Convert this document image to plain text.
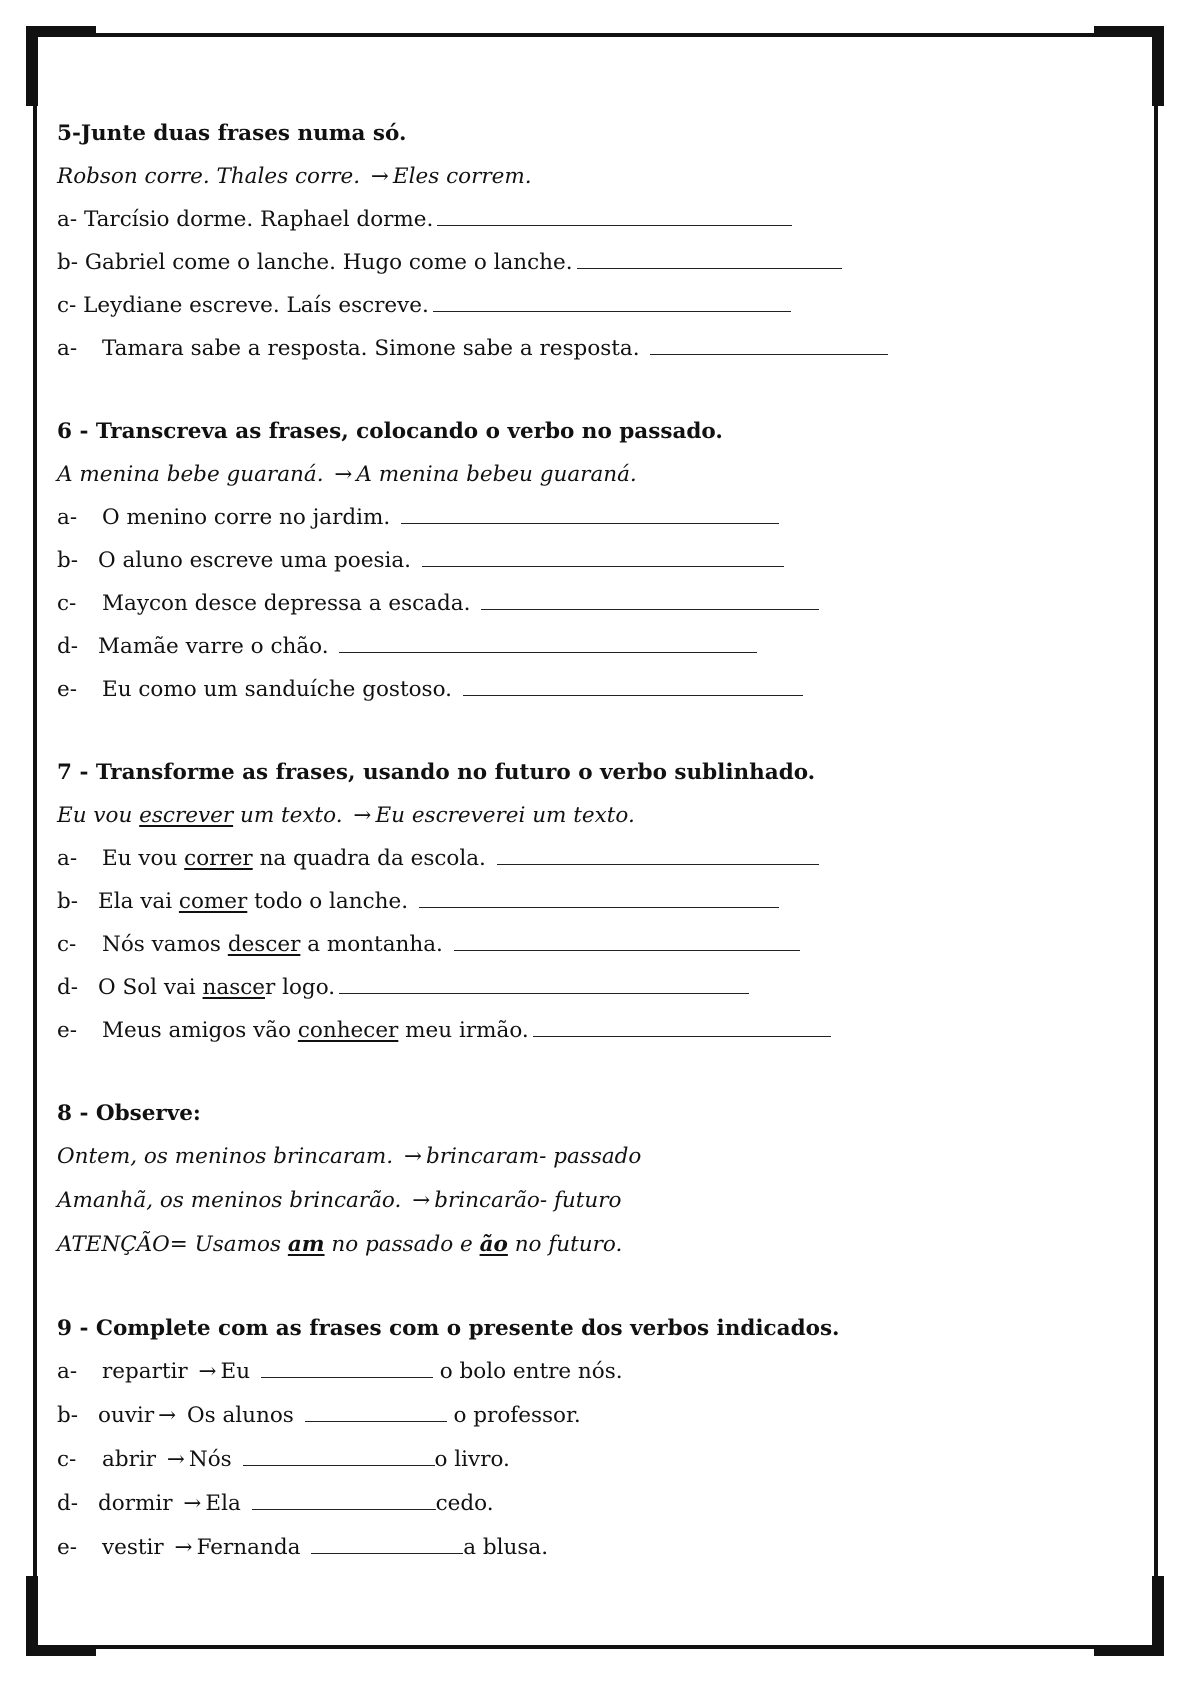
5-Junte duas frases numa só.
Robson corre. Thales corre. → Eles correm.
a- Tarcísio dorme. Raphael dorme.
b- Gabriel come o lanche. Hugo come o lanche.
c- Leydiane escreve. Laís escreve.
a- Tamara sabe a resposta. Simone sabe a resposta.
6 - Transcreva as frases, colocando o verbo no passado.
A menina bebe guaraná. → A menina bebeu guaraná.
a- O menino corre no jardim.
b- O aluno escreve uma poesia.
c- Maycon desce depressa a escada.
d- Mamãe varre o chão.
e- Eu como um sanduíche gostoso.
7 - Transforme as frases, usando no futuro o verbo sublinhado.
Eu vou escrever um texto. → Eu escreverei um texto.
a- Eu vou correr na quadra da escola.
b- Ela vai comer todo o lanche.
c- Nós vamos descer a montanha.
d- O Sol vai nascer logo.
e- Meus amigos vão conhecer meu irmão.
8 - Observe:
Ontem, os meninos brincaram. → brincaram- passado
Amanhã, os meninos brincarão. → brincarão- futuro
ATENÇÃO= Usamos am no passado e ão no futuro.
9 - Complete com as frases com o presente dos verbos indicados.
a- repartir → Eu	o bolo entre nós.
b- ouvir → Os alunos	o professor.
c- abrir → Nós	o livro.
d- dormir → Ela	cedo.
e- vestir → Fernanda	a blusa.
